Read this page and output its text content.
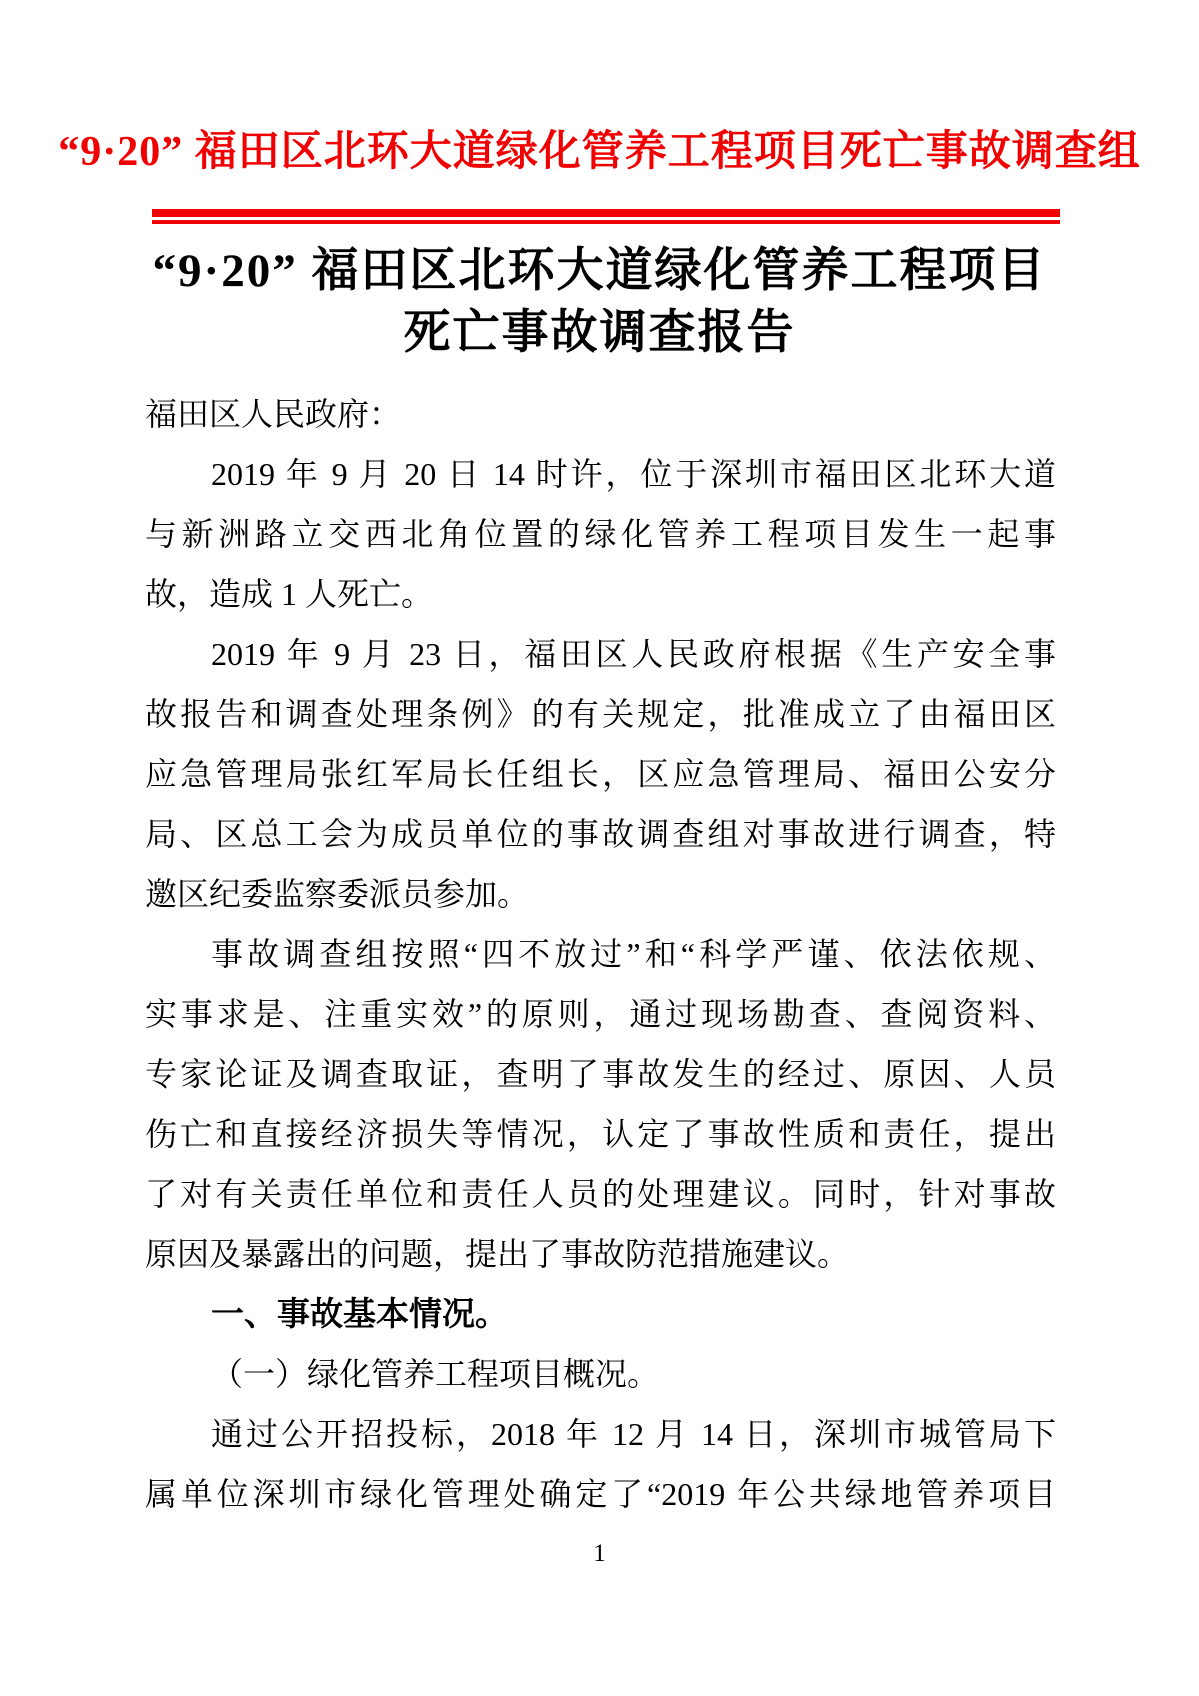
“9·20” 福田区北环大道绿化管养工程项目死亡事故调查组
“9·20” 福田区北环大道绿化管养工程项目
死亡事故调查报告
福田区人民政府：
2019 年 9 月 20 日 14 时许，位于深圳市福田区北环大道
与新洲路立交西北角位置的绿化管养工程项目发生一起事
故，造成 1 人死亡。
2019 年 9 月 23 日，福田区人民政府根据《生产安全事
故报告和调查处理条例》的有关规定，批准成立了由福田区
应急管理局张红军局长任组长，区应急管理局、福田公安分
局、区总工会为成员单位的事故调查组对事故进行调查，特
邀区纪委监察委派员参加。
事故调查组按照“四不放过”和“科学严谨、依法依规、
实事求是、注重实效”的原则，通过现场勘查、查阅资料、
专家论证及调查取证，查明了事故发生的经过、原因、人员
伤亡和直接经济损失等情况，认定了事故性质和责任，提出
了对有关责任单位和责任人员的处理建议。同时，针对事故
原因及暴露出的问题，提出了事故防范措施建议。
一、事故基本情况。
（一）绿化管养工程项目概况。
通过公开招投标，2018 年 12 月 14 日，深圳市城管局下
属单位深圳市绿化管理处确定了“2019 年公共绿地管养项目
1
